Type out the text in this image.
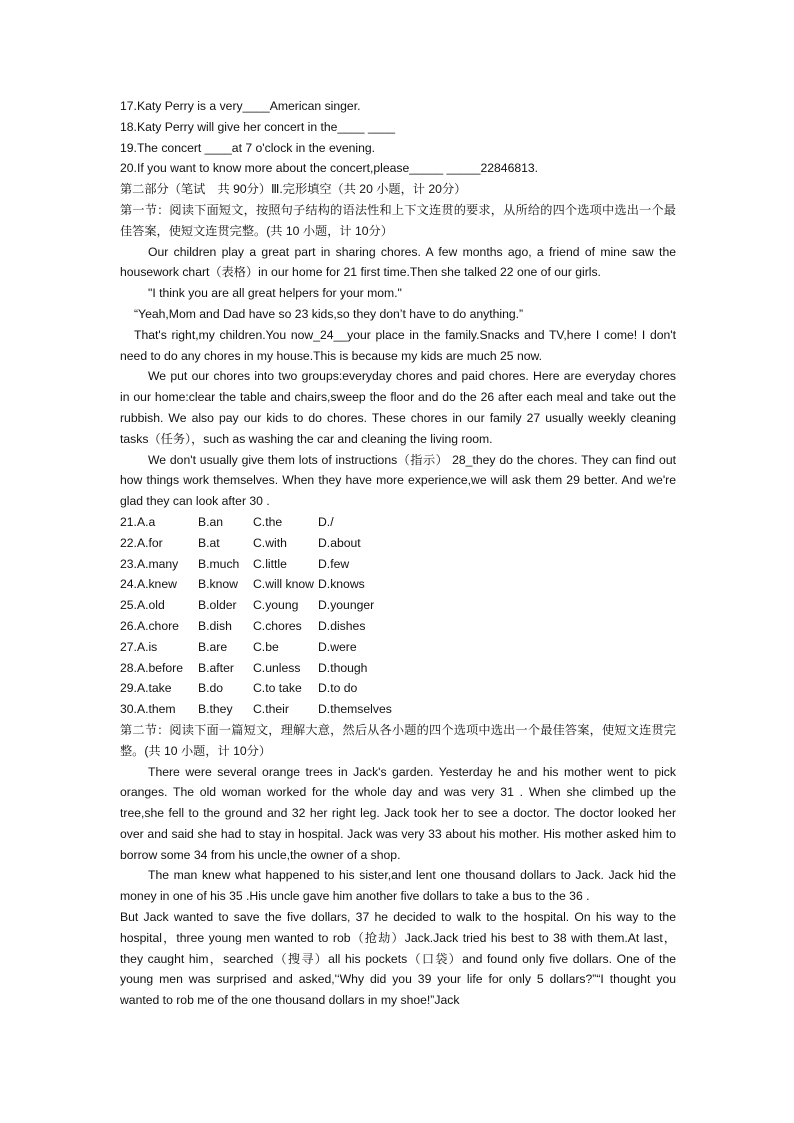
17.Katy Perry is a very____American singer.
18.Katy Perry will give her concert in the____ ____
19.The concert ____at 7 o'clock in the evening.
20.If you want to know more about the concert,please_____ _____22846813.
第二部分（笔试　共 90分）Ⅲ.完形填空（共 20 小题，计 20分）
第一节：阅读下面短文，按照句子结构的语法性和上下文连贯的要求，从所给的四个选项中选出一个最佳答案，使短文连贯完整。(共 10 小题，计 10分）
Our children play a great part in sharing chores. A few months ago, a friend of mine saw the housework chart（表格）in our home for 21 first time.Then she talked 22 one of our girls.
"I think you are all great helpers for your mom."
“Yeah,Mom and Dad have so 23 kids,so they don’t have to do anything.”
That's right,my children.You now_24__your place in the family.Snacks and TV,here I come! I don't need to do any chores in my house.This is because my kids are much 25 now.
We put our chores into two groups:everyday chores and paid chores. Here are everyday chores in our home:clear the table and chairs,sweep the floor and do the 26 after each meal and take out the rubbish. We also pay our kids to do chores. These chores in our family 27 usually weekly cleaning tasks（任务），such as washing the car and cleaning the living room.
We don't usually give them lots of instructions（指示） 28_they do the chores. They can find out how things work themselves. When they have more experience,we will ask them 29 better. And we're glad they can look after 30 .
21.A.a	B.an C.the	D./
22.A.for	B.at	C.with	D.about
23.A.many B.much C.little	D.few
24.A.knew B.know C.will know D.knows
25.A.old	B.older C.young D.younger
26.A.chore B.dish C.chores D.dishes
27.A.is	B.are C.be	D.were
28.A.before B.after C.unless D.though
29.A.take B.do C.to take D.to do
30.A.them B.they C.their D.themselves
第二节：阅读下面一篇短文，理解大意，然后从各小题的四个选项中选出一个最佳答案，使短文连贯完整。(共 10 小题，计 10分）
There were several orange trees in Jack's garden. Yesterday he and his mother went to pick oranges. The old woman worked for the whole day and was very 31 . When she climbed up the tree,she fell to the ground and 32 her right leg. Jack took her to see a doctor. The doctor looked her over and said she had to stay in hospital. Jack was very 33 about his mother. His mother asked him to borrow some 34 from his uncle,the owner of a shop.
The man knew what happened to his sister,and lent one thousand dollars to Jack. Jack hid the money in one of his 35 .His uncle gave him another five dollars to take a bus to the 36 .
But Jack wanted to save the five dollars, 37 he decided to walk to the hospital. On his way to the hospital，three young men wanted to rob（抢劫）Jack.Jack tried his best to 38 with them.At last，they caught him，searched（搜寻）all his pockets（口袋）and found only five dollars. One of the young men was surprised and asked,'‘Why did you 39 your life for only 5 dollars?”“I thought you wanted to rob me of the one thousand dollars in my shoe!”Jack
